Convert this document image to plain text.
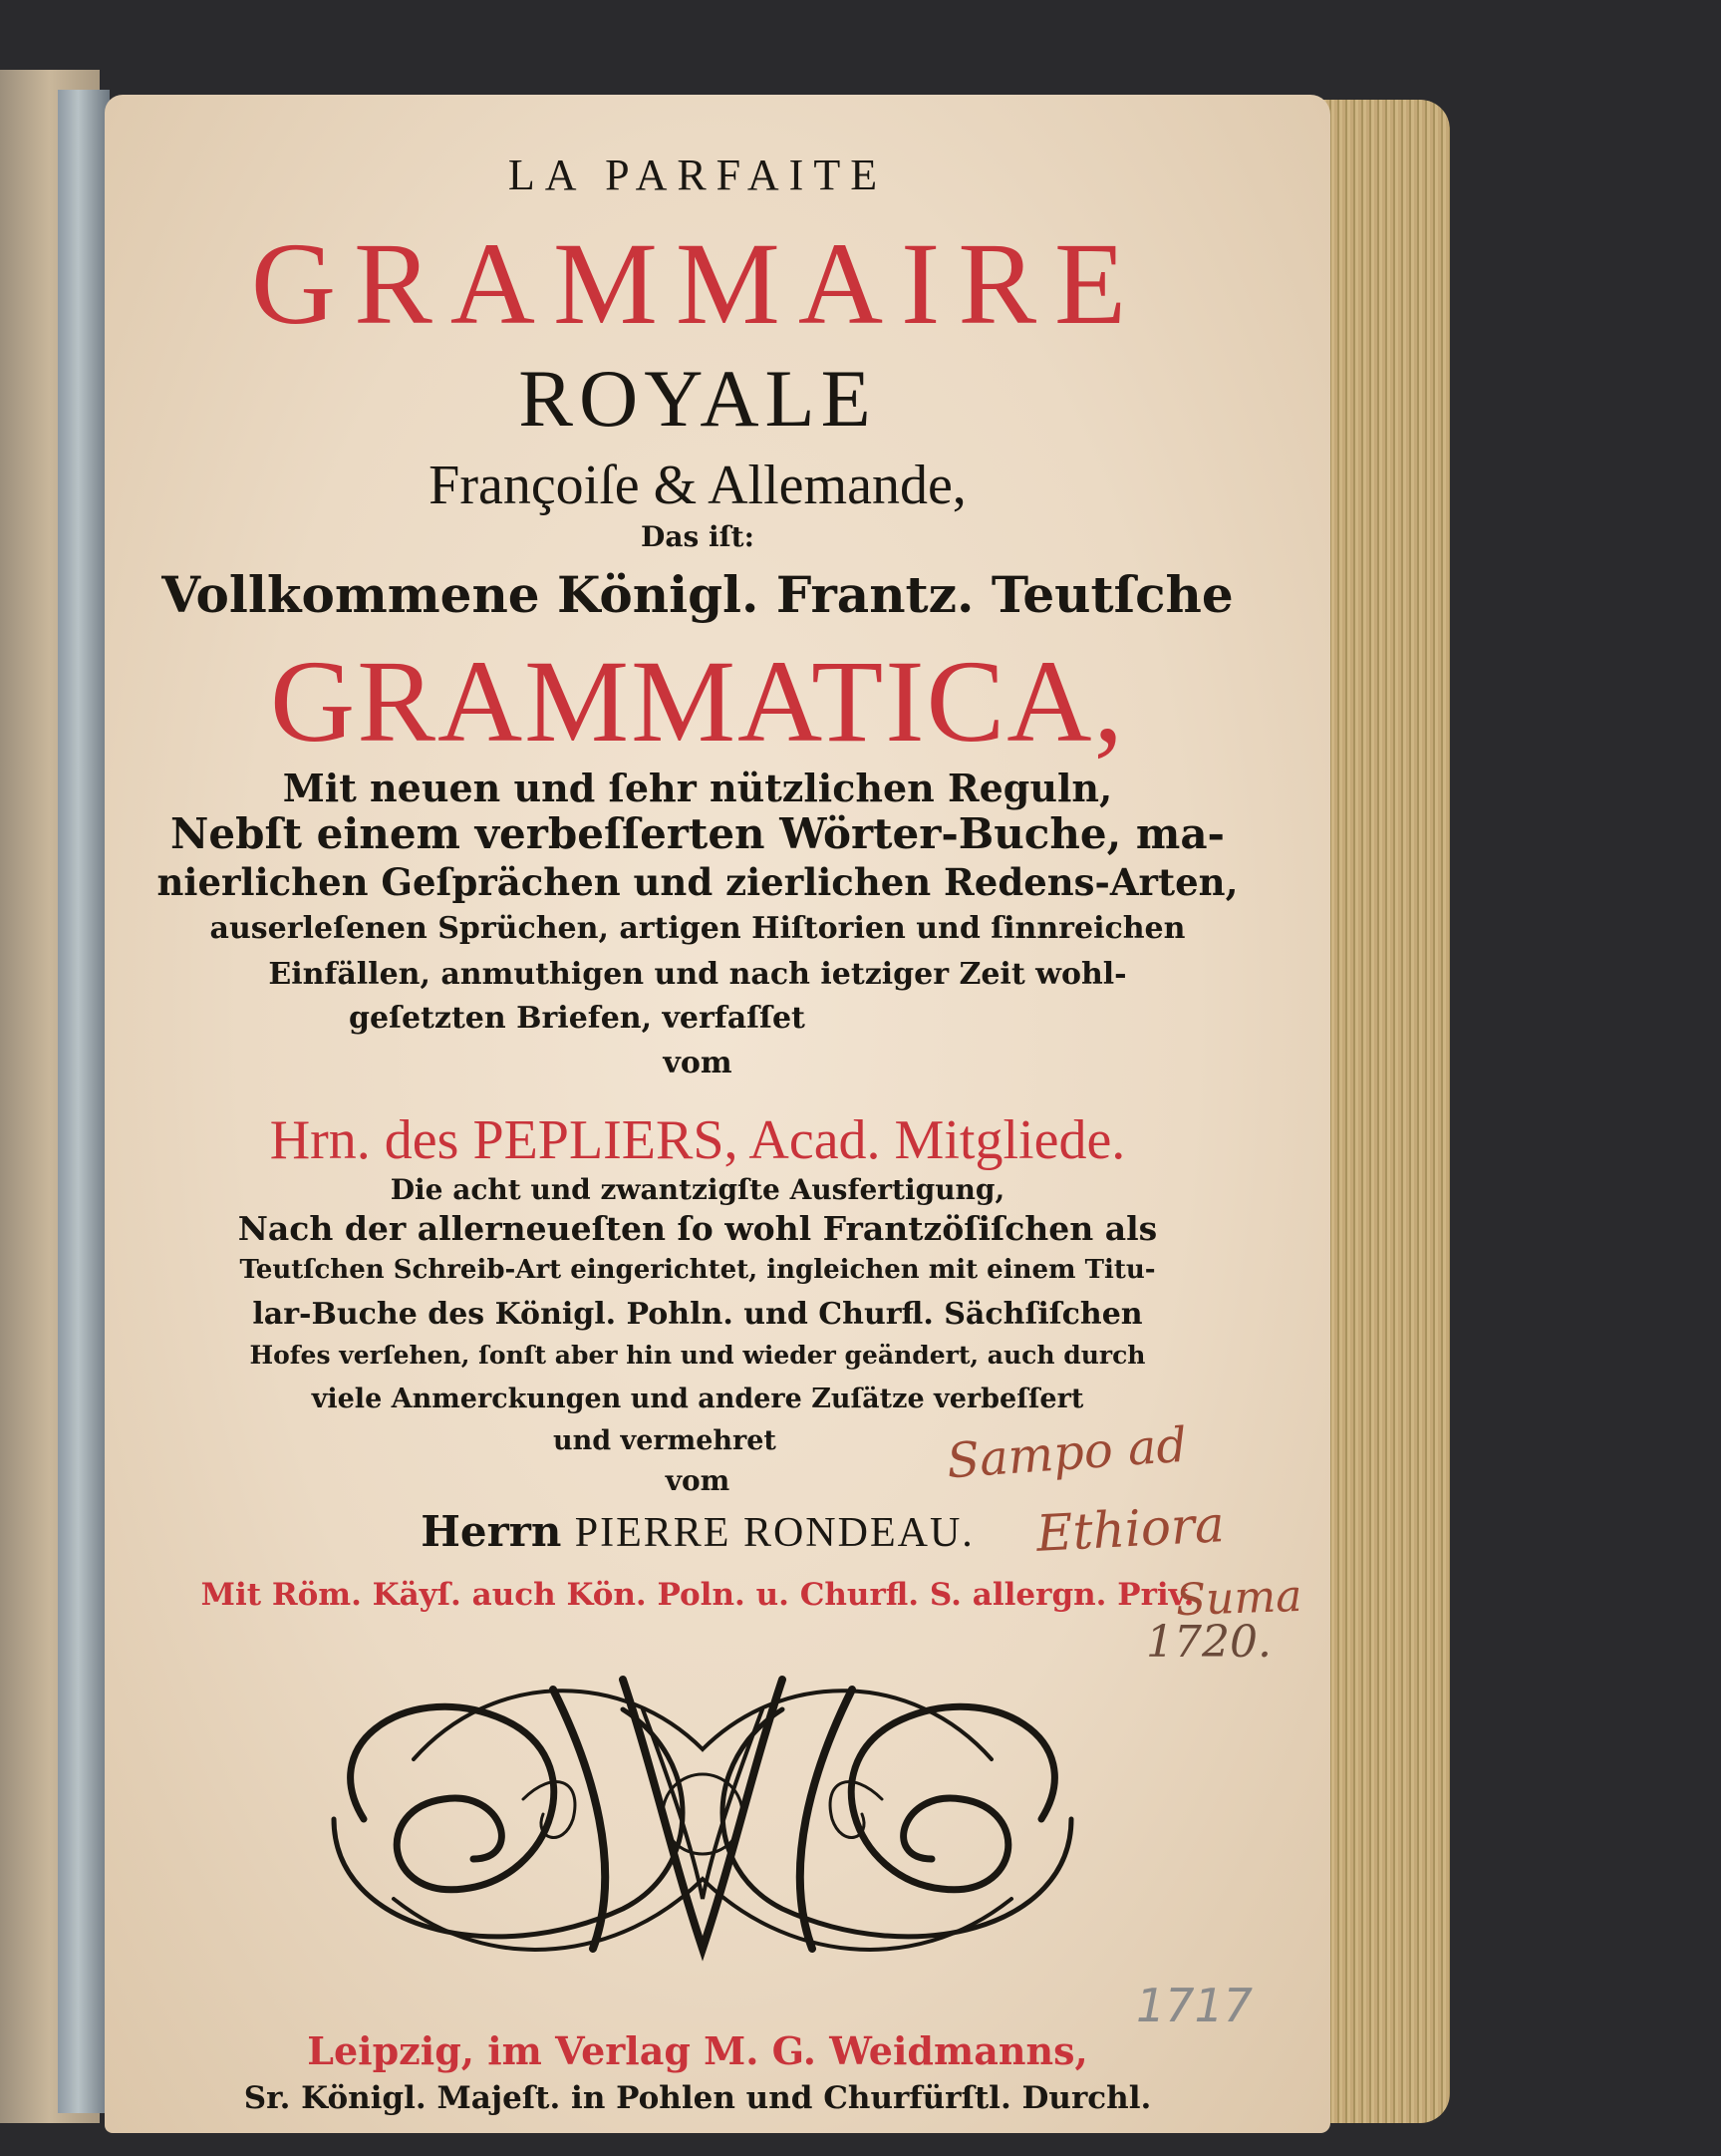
LA PARFAITE

GRAMMAIRE

ROYALE

Françoiſe & Allemande,

Das iſt:

Vollkommene Königl. Frantz. Teutſche

GRAMMATICA,

Mit neuen und ſehr nützlichen Reguln,

Nebſt einem verbeſſerten Wörter-Buche, ma-

nierlichen Geſprächen und zierlichen Redens-Arten,

auserleſenen Sprüchen, artigen Hiſtorien und ſinnreichen

Einfällen, anmuthigen und nach ietziger Zeit wohl-

geſetzten Briefen, verfaſſet

vom

Hrn. des PEPLIERS, Acad. Mitgliede.

Die acht und zwantzigſte Ausfertigung,

Nach der allerneueſten ſo wohl Frantzöſiſchen als

Teutſchen Schreib-Art eingerichtet, ingleichen mit einem Titu-

lar-Buche des Königl. Pohln. und Churfl. Sächſiſchen

Hofes verſehen, ſonſt aber hin und wieder geändert, auch durch

viele Anmerckungen und andere Zuſätze verbeſſert

und vermehret

vom

Herrn PIERRE RONDEAU.

Mit Röm. Käyſ. auch Kön. Poln. u. Churfl. S. allergn. Priv.

Leipzig, im Verlag M. G. Weidmanns,

Sr. Königl. Majeſt. in Pohlen und Churfürſtl. Durchl.

Sampo ad
Ethiora
Suma
1720.
1717
